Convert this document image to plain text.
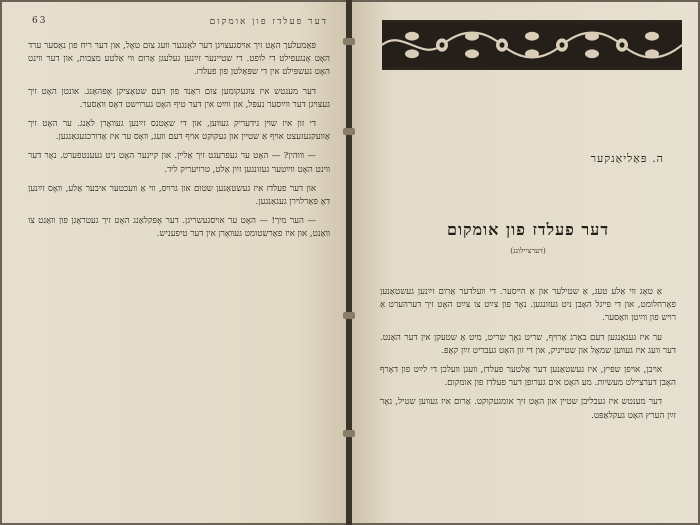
63	דער פעלדז פון אומקום

פּאַמעלעך האָט זיך אױסגעצױגן דער לאַנגער װעג צום טאָל, און דער ריח פון נאַסער ערד האָט אָנגעפילט די לופט. די שטיינער זײַנען געלעגן אַרום װי אַלטע מצבות, און דער װינט האָט געשפּילט אין די שפּאַלטן פון פעלדז.

דער מענטש איז צוגעקומען צום ראַנד פון דעם שטאָציקן אָפּהאַנג. אונטן האָט זיך געצױגן דער װײַסער נעפּל, און װײַט אין דער טיף האָט גערוישט דאָס װאַסער.

די זון איז שױן נידעריק געװען, און די שאָטנס זײַנען געװאָרן לאַנג. ער האָט זיך אַװעקגעזעצט אױף אַ שטיין און געקוקט אױף דעם װעג, װאָס ער איז אַדורכגעגאַנגען.

— װוּהין? — האָט ער געפרעגט זיך אַלײן. און קײנער האָט ניט געענטפערט. נאָר דער װינט האָט װײַטער געזונגען זײַן אַלט, טרױעריק ליד.

און דער פעלדז איז געשטאַנען שטום און גרױס, װי אַ װעכטער איבער אַלע, װאָס זײַנען דאָ פאַרלױרן געגאַנגען.

— הער מיך! — האָט ער אױסגעשריגן. דער אָפּקלאַנג האָט זיך געטראָגן פון װאַנט צו װאַנט, און איז פאַרשטומט געװאָרן אין דער טיפעניש.

ה. פּאַליאַנקער
דער פעלדז פון אומקום
(דערציילונג)

אַ טאָג װי אַלע טעג, אַ שטילער און אַ הײסער. די װעלדער אַרום זײַנען געשטאַנען פאַרחלומט, און די פײגל האָבן ניט געזונגען. נאָר פון צײַט צו צײַט האָט זיך דערהערט אַ רױש פון װײַטן װאַסער.

ער איז געגאַנגען דעם באַרג אַרױף, שריט נאָך שריט, מיט אַ שטעקן אין דער האַנט. דער װעג איז געװען שמאָל און שטײניק, און די זון האָט געבריט זײַן קאָפּ.

אױבן, אױפן שפּיץ, איז געשטאַנען דער אַלטער פעלדז, װעגן װעלכן די לײַט פון דאָרף האָבן דערצײלט מעשׂיות. מע האָט אים גערופן דער פעלדז פון אומקום.

דער מענטש איז געבליבן שטײן און האָט זיך אומגעקוקט. אַרום איז געװען שטיל, נאָר זײַן הערץ האָט געקלאַפּט.
